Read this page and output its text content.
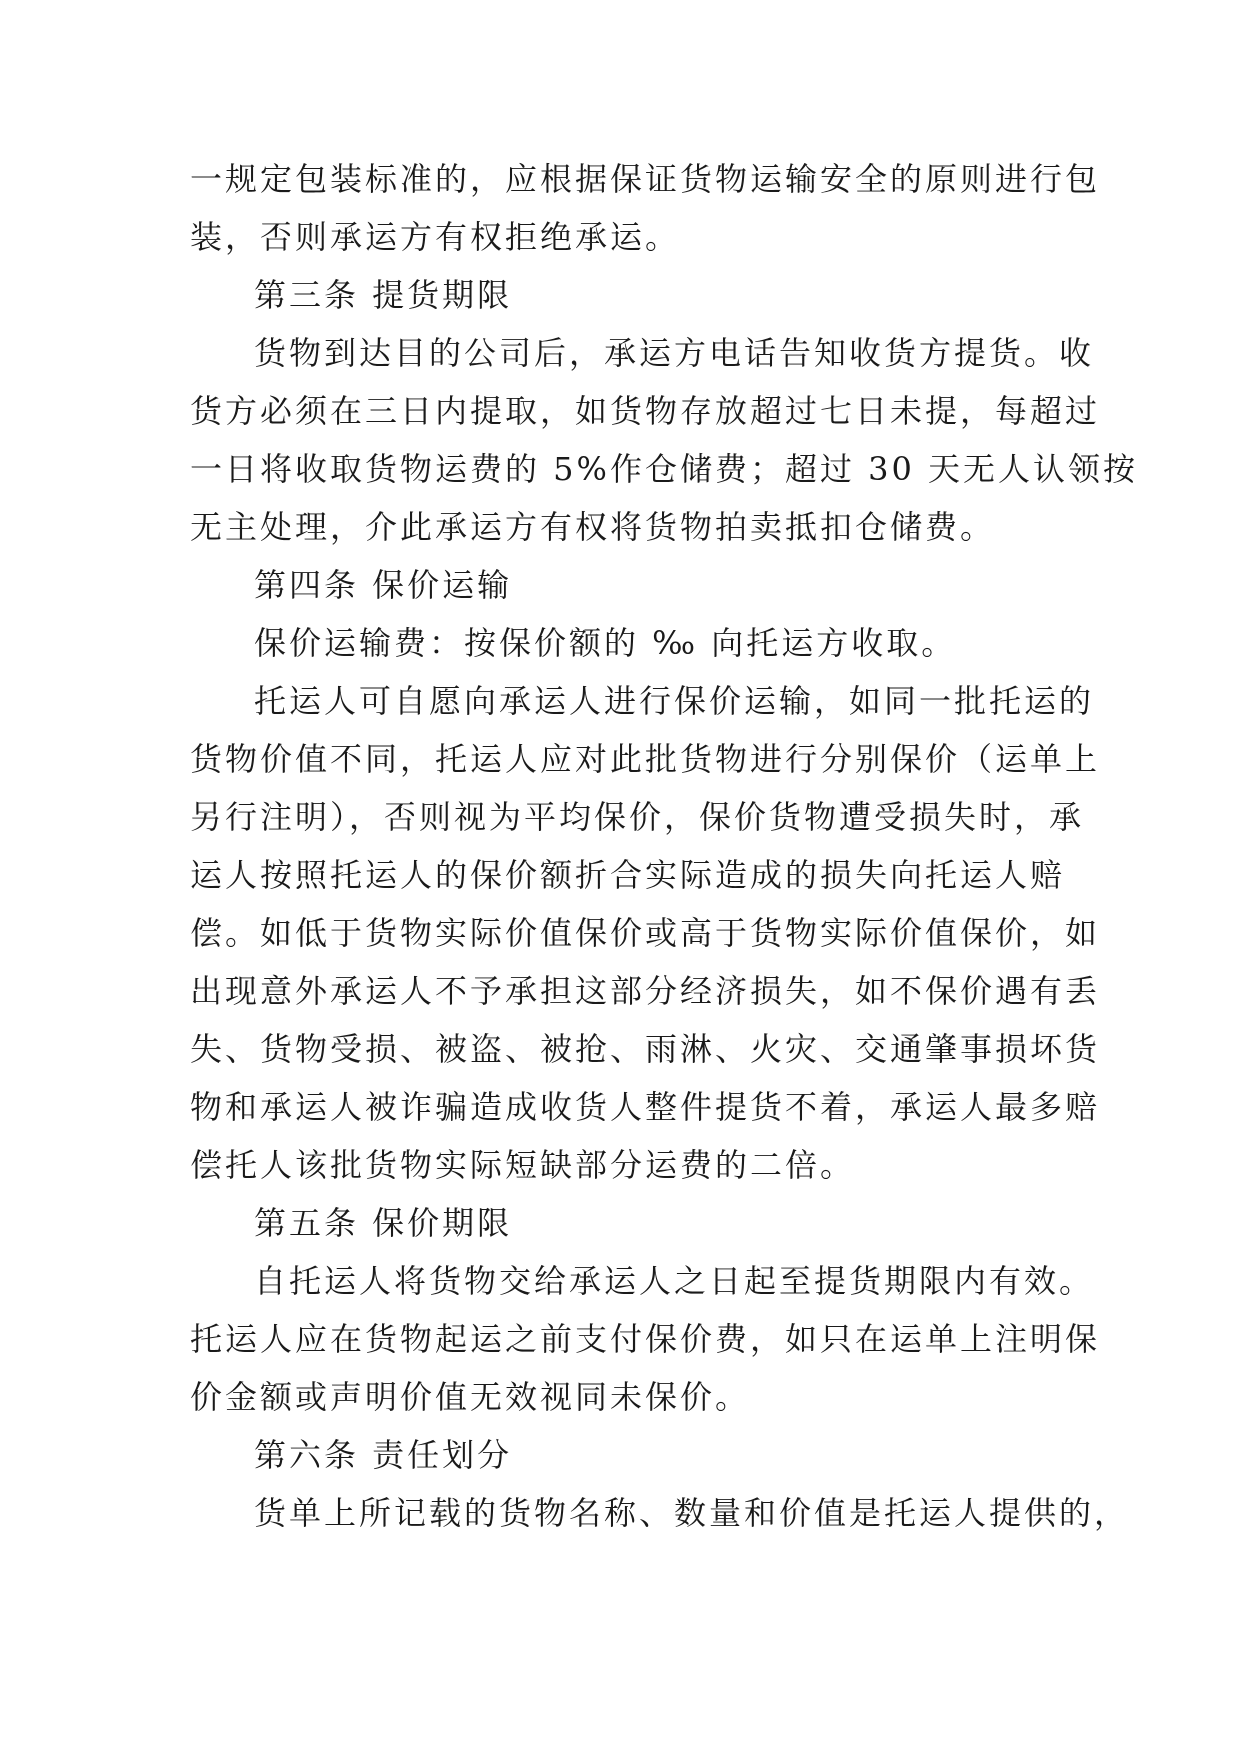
一规定包装标准的，应根据保证货物运输安全的原则进行包
装，否则承运方有权拒绝承运。
第三条 提货期限
货物到达目的公司后，承运方电话告知收货方提货。收
货方必须在三日内提取，如货物存放超过七日未提，每超过
一日将收取货物运费的 5%作仓储费；超过 30 天无人认领按
无主处理，介此承运方有权将货物拍卖抵扣仓储费。
第四条 保价运输
保价运输费：按保价额的 ‰ 向托运方收取。
托运人可自愿向承运人进行保价运输，如同一批托运的
货物价值不同，托运人应对此批货物进行分别保价（运单上
另行注明），否则视为平均保价，保价货物遭受损失时，承
运人按照托运人的保价额折合实际造成的损失向托运人赔
偿。如低于货物实际价值保价或高于货物实际价值保价，如
出现意外承运人不予承担这部分经济损失，如不保价遇有丢
失、货物受损、被盗、被抢、雨淋、火灾、交通肇事损坏货
物和承运人被诈骗造成收货人整件提货不着，承运人最多赔
偿托人该批货物实际短缺部分运费的二倍。
第五条 保价期限
自托运人将货物交给承运人之日起至提货期限内有效。
托运人应在货物起运之前支付保价费，如只在运单上注明保
价金额或声明价值无效视同未保价。
第六条 责任划分
货单上所记载的货物名称、数量和价值是托运人提供的，
